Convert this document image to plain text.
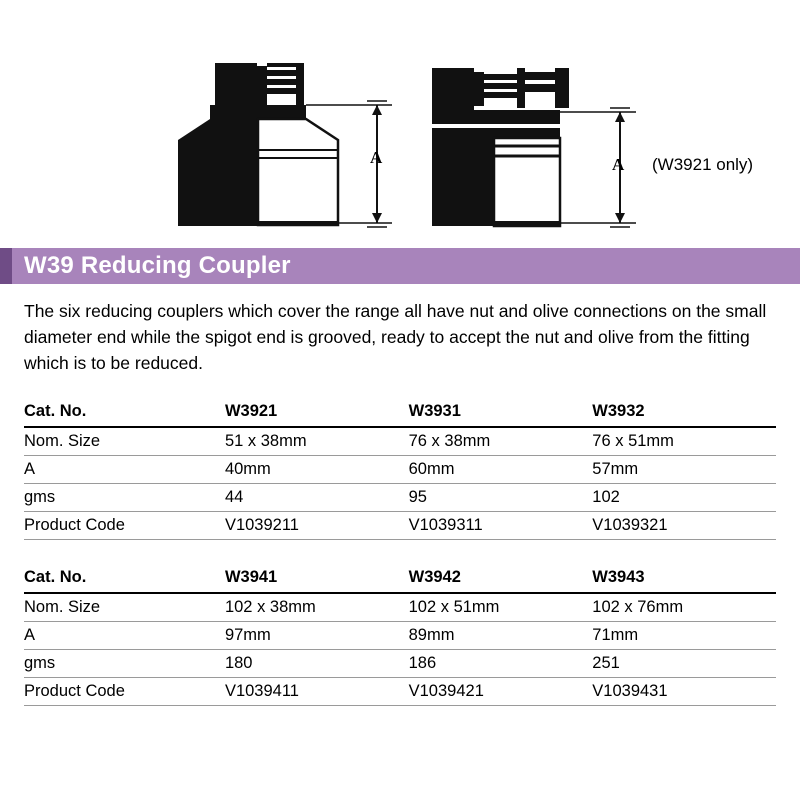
A	A (W3921 only)
W39 Reducing Coupler

The six reducing couplers which cover the range all have nut and olive connections on the small diameter end while the spigot end is grooved, ready to accept the nut and olive from the fitting which is to be reduced.

Cat. No.	W3921	W3931	W3932
Nom. Size	51 x 38mm	76 x 38mm	76 x 51mm
A	40mm	60mm	57mm
gms	44	95	102
Product Code	V1039211	V1039311	V1039321
Cat. No.	W3941	W3942	W3943
Nom. Size	102 x 38mm	102 x 51mm	102 x 76mm
A	97mm	89mm	71mm
gms	180	186	251
Product Code	V1039411	V1039421	V1039431
